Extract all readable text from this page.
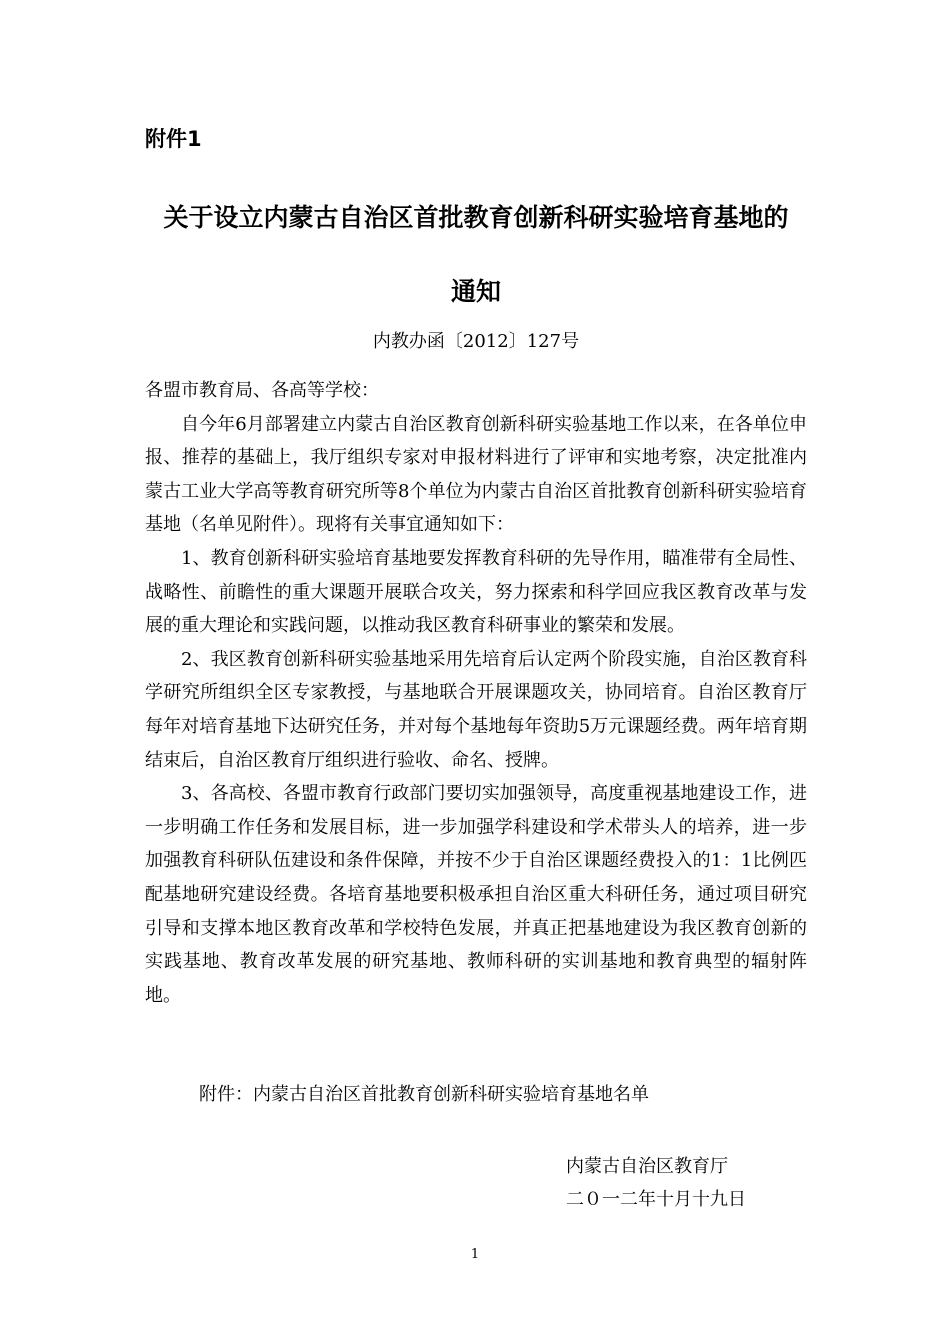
附件1
关于设立内蒙古自治区首批教育创新科研实验培育基地的
通知
内教办函〔2012〕127号

各盟市教育局、各高等学校：

自今年6月部署建立内蒙古自治区教育创新科研实验基地工作以来，在各单位申报、推荐的基础上，我厅组织专家对申报材料进行了评审和实地考察，决定批准内蒙古工业大学高等教育研究所等8个单位为内蒙古自治区首批教育创新科研实验培育基地（名单见附件）。现将有关事宜通知如下：

1、教育创新科研实验培育基地要发挥教育科研的先导作用，瞄准带有全局性、战略性、前瞻性的重大课题开展联合攻关，努力探索和科学回应我区教育改革与发展的重大理论和实践问题，以推动我区教育科研事业的繁荣和发展。

2、我区教育创新科研实验基地采用先培育后认定两个阶段实施，自治区教育科学研究所组织全区专家教授，与基地联合开展课题攻关，协同培育。自治区教育厅每年对培育基地下达研究任务，并对每个基地每年资助5万元课题经费。两年培育期结束后，自治区教育厅组织进行验收、命名、授牌。

3、各高校、各盟市教育行政部门要切实加强领导，高度重视基地建设工作，进一步明确工作任务和发展目标，进一步加强学科建设和学术带头人的培养，进一步加强教育科研队伍建设和条件保障，并按不少于自治区课题经费投入的1：1比例匹配基地研究建设经费。各培育基地要积极承担自治区重大科研任务，通过项目研究引导和支撑本地区教育改革和学校特色发展，并真正把基地建设为我区教育创新的实践基地、教育改革发展的研究基地、教师科研的实训基地和教育典型的辐射阵地。

附件：内蒙古自治区首批教育创新科研实验培育基地名单
内蒙古自治区教育厅
二０一二年十月十九日
1
